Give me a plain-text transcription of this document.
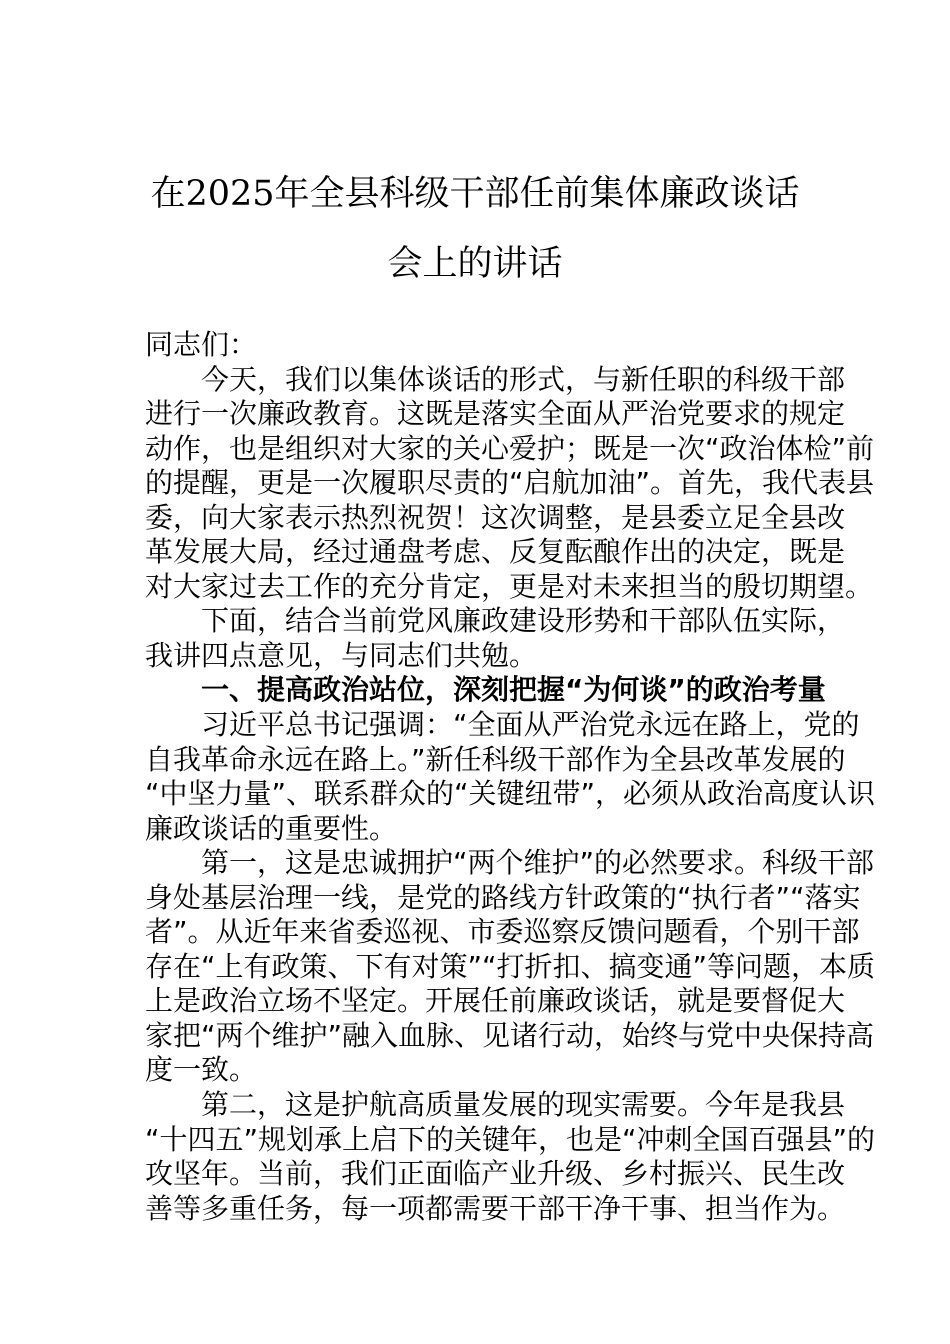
在2025年全县科级干部任前集体廉政谈话
会上的讲话
同志们：
今天，我们以集体谈话的形式，与新任职的科级干部
进行一次廉政教育。这既是落实全面从严治党要求的规定
动作，也是组织对大家的关心爱护；既是一次“政治体检”前
的提醒，更是一次履职尽责的“启航加油”。首先，我代表县
委，向大家表示热烈祝贺！这次调整，是县委立足全县改
革发展大局，经过通盘考虑、反复酝酿作出的决定，既是
对大家过去工作的充分肯定，更是对未来担当的殷切期望。
下面，结合当前党风廉政建设形势和干部队伍实际，
我讲四点意见，与同志们共勉。
一、提高政治站位，深刻把握“为何谈”的政治考量
习近平总书记强调：“全面从严治党永远在路上，党的
自我革命永远在路上。”新任科级干部作为全县改革发展的
“中坚力量”、联系群众的“关键纽带”，必须从政治高度认识
廉政谈话的重要性。
第一，这是忠诚拥护“两个维护”的必然要求。科级干部
身处基层治理一线，是党的路线方针政策的“执行者”“落实
者”。从近年来省委巡视、市委巡察反馈问题看，个别干部
存在“上有政策、下有对策”“打折扣、搞变通”等问题，本质
上是政治立场不坚定。开展任前廉政谈话，就是要督促大
家把“两个维护”融入血脉、见诸行动，始终与党中央保持高
度一致。
第二，这是护航高质量发展的现实需要。今年是我县
“十四五”规划承上启下的关键年，也是“冲刺全国百强县”的
攻坚年。当前，我们正面临产业升级、乡村振兴、民生改
善等多重任务，每一项都需要干部干净干事、担当作为。
